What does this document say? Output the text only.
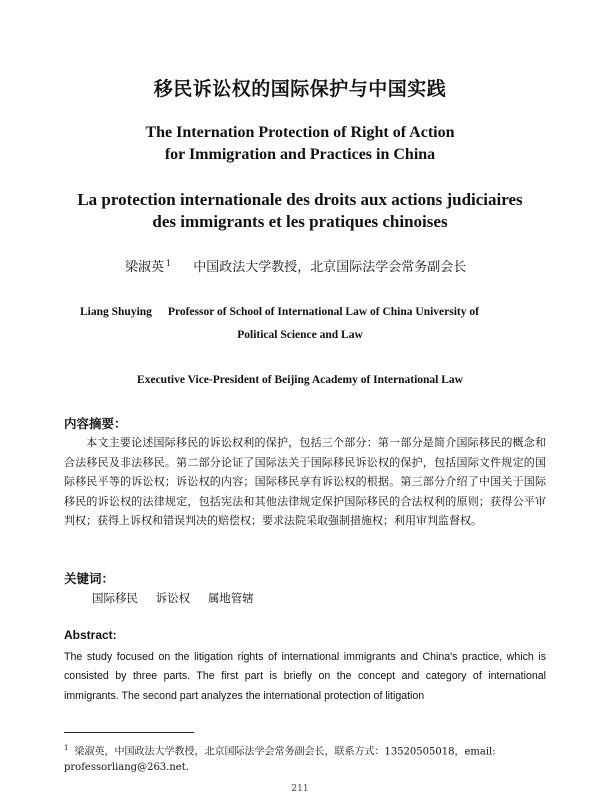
移民诉讼权的国际保护与中国实践
The Internation Protection of Right of Action
for Immigration and Practices in China
La protection internationale des droits aux actions judiciaires
des immigrants et les pratiques chinoises
梁淑英 $^1$ 中国政法大学教授，北京国际法学会常务副会长
Liang Shuying Professor of School of International Law of China University of
Political Science and Law
Executive Vice-President of Beijing Academy of International Law
内容摘要：
本文主要论述国际移民的诉讼权利的保护，包括三个部分：第一部分是简介国际移民的概念和合法移民及非法移民。第二部分论证了国际法关于国际移民诉讼权的保护，包括国际文件规定的国际移民平等的诉讼权；诉讼权的内容；国际移民享有诉讼权的根据。第三部分介绍了中国关于国际移民的诉讼权的法律规定，包括宪法和其他法律规定保护国际移民的合法权利的原则；获得公平审判权；获得上诉权和错误判决的赔偿权；要求法院采取强制措施权；利用审判监督权。
关键词：
国际移民 诉讼权 属地管辖
Abstract:
The study focused on the litigation rights of international immigrants and China's practice, which is consisted by three parts. The first part is briefly on the concept and category of international immigrants. The second part analyzes the international protection of litigation
$^1$ 梁淑英，中国政法大学教授，北京国际法学会常务副会长，联系方式：13520505018，email: professorliang@263.net.
211
